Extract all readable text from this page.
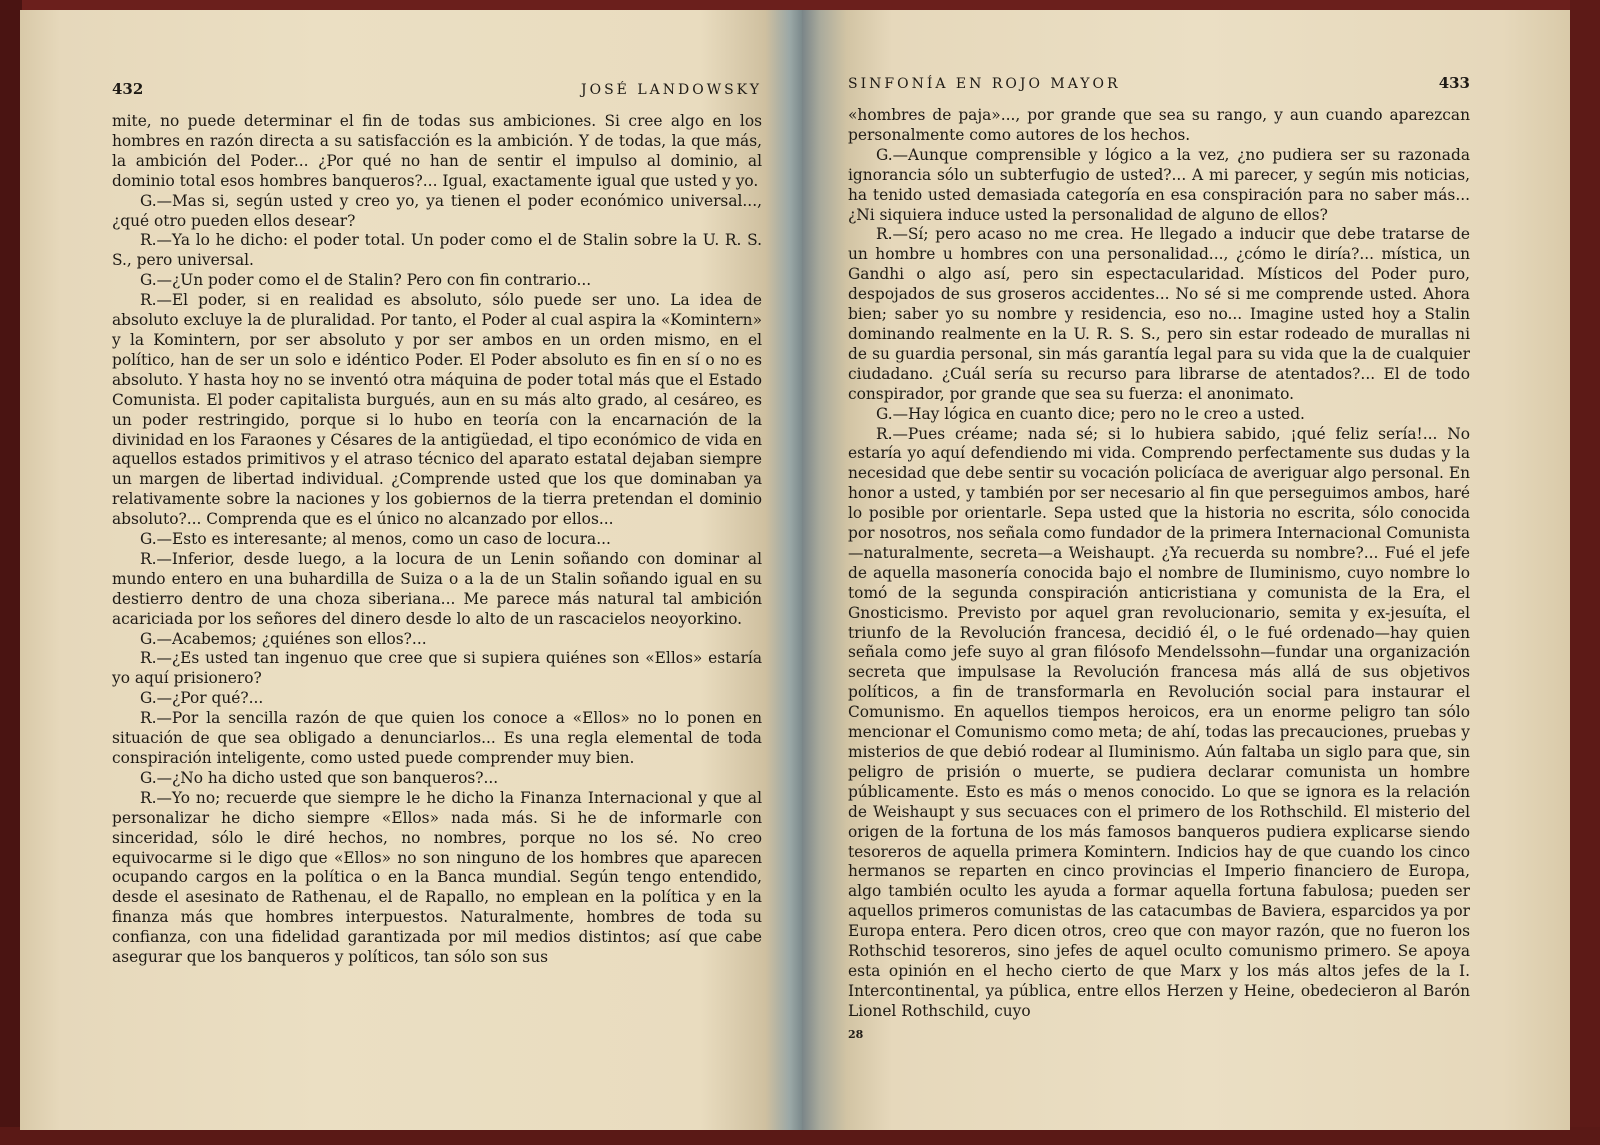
432	JOSÉ LANDOWSKY

mite, no puede determinar el fin de todas sus ambiciones. Si cree algo en los hombres en razón directa a su satisfacción es la ambición. Y de todas, la que más, la ambición del Poder... ¿Por qué no han de sentir el impulso al dominio, al dominio total esos hombres banqueros?... Igual, exactamente igual que usted y yo.

G.—Mas si, según usted y creo yo, ya tienen el poder económico universal..., ¿qué otro pueden ellos desear?

R.—Ya lo he dicho: el poder total. Un poder como el de Stalin sobre la U. R. S. S., pero universal.

G.—¿Un poder como el de Stalin? Pero con fin contrario...

R.—El poder, si en realidad es absoluto, sólo puede ser uno. La idea de absoluto excluye la de pluralidad. Por tanto, el Poder al cual aspira la «Komintern» y la Komintern, por ser absoluto y por ser ambos en un orden mismo, en el político, han de ser un solo e idéntico Poder. El Poder absoluto es fin en sí o no es absoluto. Y hasta hoy no se inventó otra máquina de poder total más que el Estado Comunista. El poder capitalista burgués, aun en su más alto grado, al cesáreo, es un poder restringido, porque si lo hubo en teoría con la encarnación de la divinidad en los Faraones y Césares de la antigüedad, el tipo económico de vida en aquellos estados primitivos y el atraso técnico del aparato estatal dejaban siempre un margen de libertad individual. ¿Comprende usted que los que dominaban ya relativamente sobre la naciones y los gobiernos de la tierra pretendan el dominio absoluto?... Comprenda que es el único no alcanzado por ellos...

G.—Esto es interesante; al menos, como un caso de locura...

R.—Inferior, desde luego, a la locura de un Lenin soñando con dominar al mundo entero en una buhardilla de Suiza o a la de un Stalin soñando igual en su destierro dentro de una choza siberiana... Me parece más natural tal ambición acariciada por los señores del dinero desde lo alto de un rascacielos neoyorkino.

G.—Acabemos; ¿quiénes son ellos?...

R.—¿Es usted tan ingenuo que cree que si supiera quiénes son «Ellos» estaría yo aquí prisionero?

G.—¿Por qué?...

R.—Por la sencilla razón de que quien los conoce a «Ellos» no lo ponen en situación de que sea obligado a denunciarlos... Es una regla elemental de toda conspiración inteligente, como usted puede comprender muy bien.

G.—¿No ha dicho usted que son banqueros?...

R.—Yo no; recuerde que siempre le he dicho la Finanza Internacional y que al personalizar he dicho siempre «Ellos» nada más. Si he de informarle con sinceridad, sólo le diré hechos, no nombres, porque no los sé. No creo equivocarme si le digo que «Ellos» no son ninguno de los hombres que aparecen ocupando cargos en la política o en la Banca mundial. Según tengo entendido, desde el asesinato de Rathenau, el de Rapallo, no emplean en la política y en la finanza más que hombres interpuestos. Naturalmente, hombres de toda su confianza, con una fidelidad garantizada por mil medios distintos; así que cabe asegurar que los banqueros y políticos, tan sólo son sus

SINFONÍA EN ROJO MAYOR	433

«hombres de paja»..., por grande que sea su rango, y aun cuando aparezcan personalmente como autores de los hechos.

G.—Aunque comprensible y lógico a la vez, ¿no pudiera ser su razonada ignorancia sólo un subterfugio de usted?... A mi parecer, y según mis noticias, ha tenido usted demasiada categoría en esa conspiración para no saber más... ¿Ni siquiera induce usted la personalidad de alguno de ellos?

R.—Sí; pero acaso no me crea. He llegado a inducir que debe tratarse de un hombre u hombres con una personalidad..., ¿cómo le diría?... mística, un Gandhi o algo así, pero sin espectacularidad. Místicos del Poder puro, despojados de sus groseros accidentes... No sé si me comprende usted. Ahora bien; saber yo su nombre y residencia, eso no... Imagine usted hoy a Stalin dominando realmente en la U. R. S. S., pero sin estar rodeado de murallas ni de su guardia personal, sin más garantía legal para su vida que la de cualquier ciudadano. ¿Cuál sería su recurso para librarse de atentados?... El de todo conspirador, por grande que sea su fuerza: el anonimato.

G.—Hay lógica en cuanto dice; pero no le creo a usted.

R.—Pues créame; nada sé; si lo hubiera sabido, ¡qué feliz sería!... No estaría yo aquí defendiendo mi vida. Comprendo perfectamente sus dudas y la necesidad que debe sentir su vocación policíaca de averiguar algo personal. En honor a usted, y también por ser necesario al fin que perseguimos ambos, haré lo posible por orientarle. Sepa usted que la historia no escrita, sólo conocida por nosotros, nos señala como fundador de la primera Internacional Comunista—naturalmente, secreta—a Weishaupt. ¿Ya recuerda su nombre?... Fué el jefe de aquella masonería conocida bajo el nombre de Iluminismo, cuyo nombre lo tomó de la segunda conspiración anticristiana y comunista de la Era, el Gnosticismo. Previsto por aquel gran revolucionario, semita y ex-jesuíta, el triunfo de la Revolución francesa, decidió él, o le fué ordenado—hay quien señala como jefe suyo al gran filósofo Mendelssohn—fundar una organización secreta que impulsase la Revolución francesa más allá de sus objetivos políticos, a fin de transformarla en Revolución social para instaurar el Comunismo. En aquellos tiempos heroicos, era un enorme peligro tan sólo mencionar el Comunismo como meta; de ahí, todas las precauciones, pruebas y misterios de que debió rodear al Iluminismo. Aún faltaba un siglo para que, sin peligro de prisión o muerte, se pudiera declarar comunista un hombre públicamente. Esto es más o menos conocido. Lo que se ignora es la relación de Weishaupt y sus secuaces con el primero de los Rothschild. El misterio del origen de la fortuna de los más famosos banqueros pudiera explicarse siendo tesoreros de aquella primera Komintern. Indicios hay de que cuando los cinco hermanos se reparten en cinco provincias el Imperio financiero de Europa, algo también oculto les ayuda a formar aquella fortuna fabulosa; pueden ser aquellos primeros comunistas de las catacumbas de Baviera, esparcidos ya por Europa entera. Pero dicen otros, creo que con mayor razón, que no fueron los Rothschid tesoreros, sino jefes de aquel oculto comunismo primero. Se apoya esta opinión en el hecho cierto de que Marx y los más altos jefes de la I. Intercontinental, ya pública, entre ellos Herzen y Heine, obedecieron al Barón Lionel Rothschild, cuyo

28
